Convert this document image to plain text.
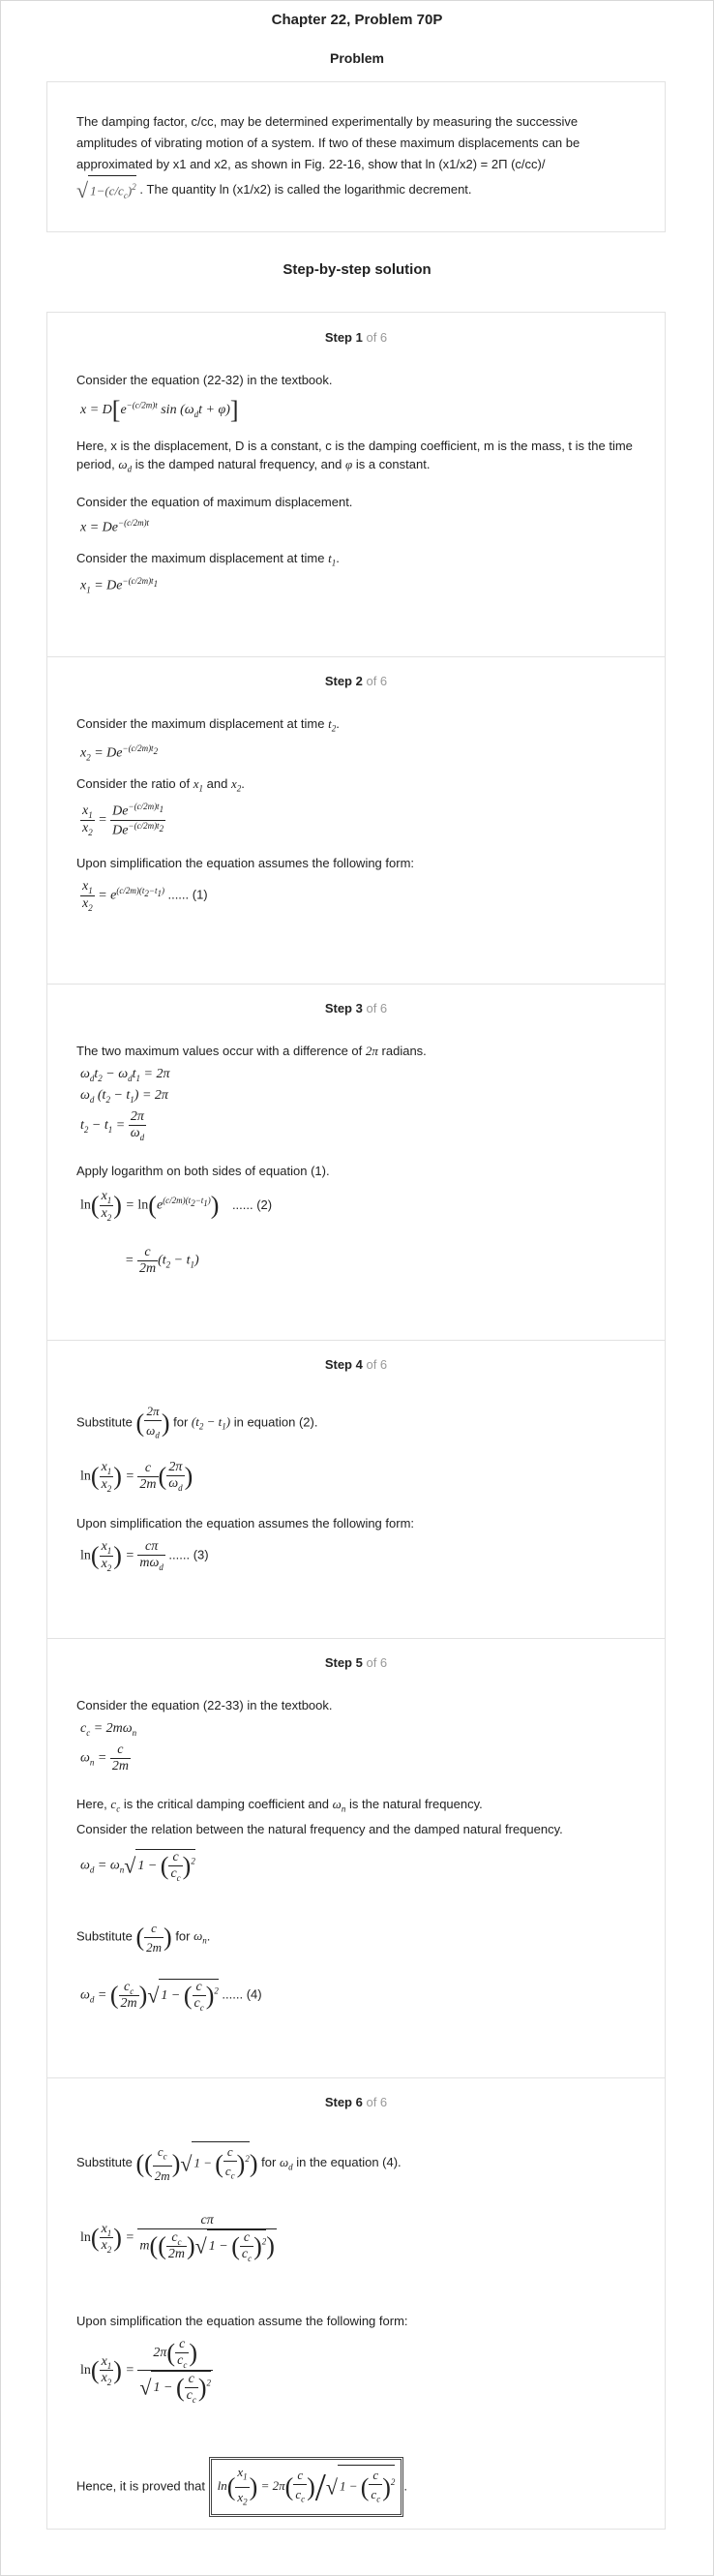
Chapter 22, Problem 70P
Problem
The damping factor, c/cc, may be determined experimentally by measuring the successive amplitudes of vibrating motion of a system. If two of these maximum displacements can be approximated by x1 and x2, as shown in Fig. 22-16, show that ln (x1/x2) = 2Π (c/cc)/
√ $1-(c/c_c)^2$ . The quantity ln (x1/x2) is called the logarithmic decrement.
Step-by-step solution
Step 1 of 6
Consider the equation (22-32) in the textbook.
$x = D[e^{-(c/2m)t}$ $\sin (\omega_dt + \varphi)$]
Here, x is the displacement, D is a constant, c is the damping coefficient, m is the mass, t is the time period, $\omega_d$ is the damped natural frequency, and φ is a constant.
Consider the equation of maximum displacement.
$x = De^{-(c/2m)t}$
Consider the maximum displacement at time $t_1$.
$x_1 = De^{-(c/2m)t_1}$
Step 2 of 6
Consider the maximum displacement at time $t_2$.
$x_2 = De^{-(c/2m)t_2}$
Consider the ratio of $x_1$ and $x_2$.
$\frac{x_1}{x_2} = \frac{De^{-(c/2m)t_1}}{De^{-(c/2m)t_2}}$
Upon simplification the equation assumes the following form:
$\frac{x_1}{x_2} = e^{(c/2m)(t_2-t_1)}$ ...... (1)
Step 3 of 6
The two maximum values occur with a difference of 2π radians.
$\omega_dt_2 - \omega_dt_1 = 2\pi$
$\omega_d$ $(t_2 - t_1) = 2\pi$
$t_2 - t_1 = \frac{2\pi}{\omega_d}$
Apply logarithm on both sides of equation (1).
$\ln( \frac{x_1}{x_2}$ ) = $\ln(e^{(c/2m)(t_2-t_1)})$ ...... (2)
= $\frac{c}{2m} (t_2 - t_1)$
Step 4 of 6
Substitute ( $\frac{2\pi}{\omega_d}$ ) for $(t_2 - t_1)$ in equation (2).
$\ln( \frac{x_1}{x_2}$ ) = $\frac{c}{2m}$ ( $\frac{2\pi}{\omega_d}$ )
Upon simplification the equation assumes the following form:
$\ln( \frac{x_1}{x_2}$ ) = $\frac{c\pi}{m\omega_d}$ ...... (3)
Step 5 of 6
Consider the equation (22-33) in the textbook.
$c_c = 2m\omega_n$
$\omega_n = \frac{c}{2m}$
Here, $c_c$ is the critical damping coefficient and $\omega_n$ is the natural frequency.
Consider the relation between the natural frequency and the damped natural frequency.
$\omega_d = \omega_n√$ 1 − ( $\frac{c}{c_c} )^2$
Substitute ( $\frac{c}{2m}$ ) for $\omega_n$.
$\omega_d$ = ( $\frac{c_c}{2m}$ )√ 1 − ( $\frac{c}{c_c} )^2$ ...... (4)
Step 6 of 6
Substitute (( $\frac{c_c}{2m}$ )√ 1 − ( $\frac{c}{c_c} )^2$) for $\omega_d$ in the equation (4).
$\ln( \frac{x_1}{x_2}$ ) = $\frac{c\pi}{m(( \frac{c_c}{2m} )√ 1 - ( \frac{c}{c_c} )^2)}$
Upon simplification the equation assume the following form:
$\ln( \frac{x_1}{x_2}$ ) = $\frac{2\pi( \frac{c}{c_c} )}{√ 1 - ( \frac{c}{c_c} )^2}$
Hence, it is proved that $\ln( \frac{x_1}{x_2}$ ) = $2\pi( \frac{c}{c_c}$ )/√ 1 − ( $\frac{c}{c_c} )^2$ .
